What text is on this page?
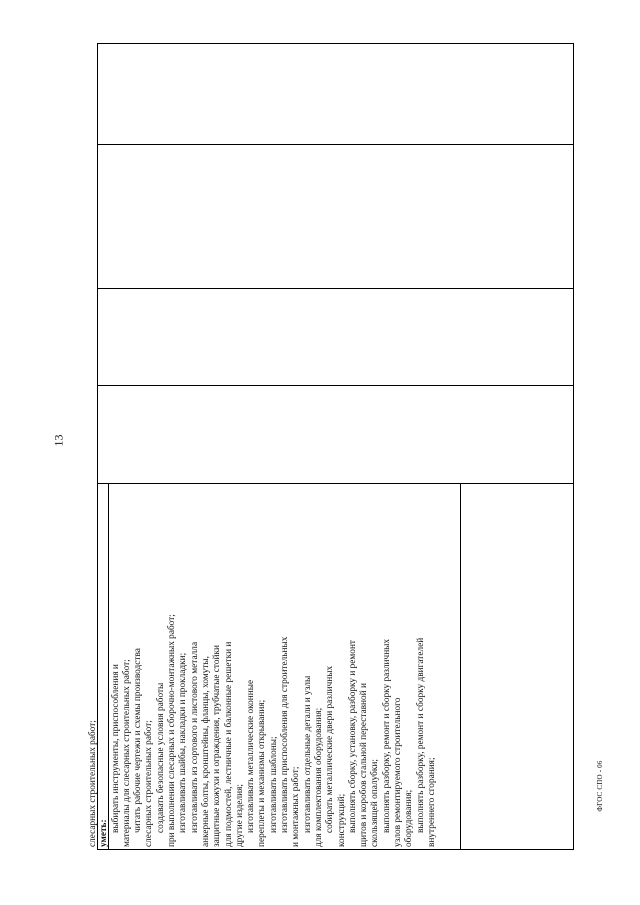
13
ФГОС СПО - 06

слесарных строительных работ; уметь:

выбирать инструменты, приспособления и материалы для слесарных строительных работ; читать рабочие чертежи и схемы производства слесарных строительных работ; создавать безопасные условия работы при выполнении слесарных и сборочно-монтажных работ; изготавливать шайбы, накладки и прокладки; изготавливать из сортового и листового металла анкерные болты, кронштейны, фланцы, хомуты, защитные кожухи и ограждения, трубчатые стойки для подмостей, лестничные и балконные решетки и другие изделия; изготавливать металлические оконные переплеты и механизмы открывания; изготавливать шаблоны; изготавливать приспособления для строительных и монтажных работ; изготавливать отдельные детали и узлы для комплектования оборудования; собирать металлические двери различных конструкций; выполнять сборку, установку, разборку и ремонт щитов и коробов стальной переставной и скользящей опалубки; выполнять разборку, ремонт и сборку различных узлов ремонтируемого строительного оборудования; выполнять разборку, ремонт и сборку двигателей внутреннего сгорания;
